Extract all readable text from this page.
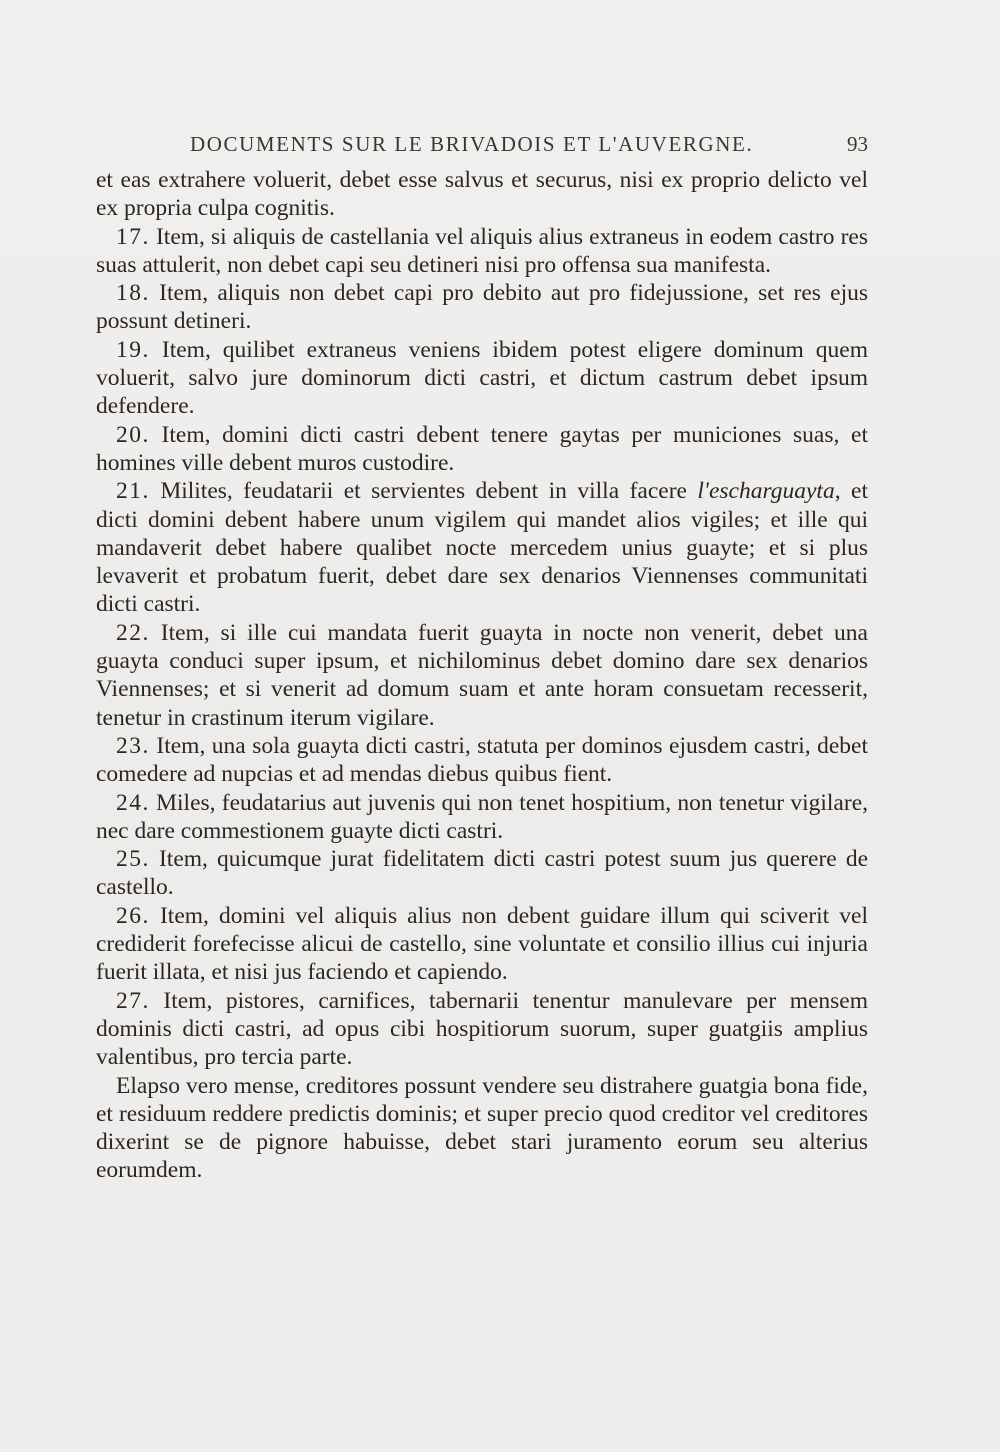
DOCUMENTS SUR LE BRIVADOIS ET L'AUVERGNE.	93

et eas extrahere voluerit, debet esse salvus et securus, nisi ex proprio delicto vel ex propria culpa cognitis.

17. Item, si aliquis de castellania vel aliquis alius extraneus in eodem castro res suas attulerit, non debet capi seu detineri nisi pro offensa sua manifesta.

18. Item, aliquis non debet capi pro debito aut pro fidejussione, set res ejus possunt detineri.

19. Item, quilibet extraneus veniens ibidem potest eligere dominum quem voluerit, salvo jure dominorum dicti castri, et dictum castrum debet ipsum defendere.

20. Item, domini dicti castri debent tenere gaytas per municiones suas, et homines ville debent muros custodire.

21. Milites, feudatarii et servientes debent in villa facere l'escharguayta, et dicti domini debent habere unum vigilem qui mandet alios vigiles; et ille qui mandaverit debet habere qualibet nocte mercedem unius guayte; et si plus levaverit et probatum fuerit, debet dare sex denarios Viennenses communitati dicti castri.

22. Item, si ille cui mandata fuerit guayta in nocte non venerit, debet una guayta conduci super ipsum, et nichilominus debet domino dare sex denarios Viennenses; et si venerit ad domum suam et ante horam consuetam recesserit, tenetur in crastinum iterum vigilare.

23. Item, una sola guayta dicti castri, statuta per dominos ejusdem castri, debet comedere ad nupcias et ad mendas diebus quibus fient.

24. Miles, feudatarius aut juvenis qui non tenet hospitium, non tenetur vigilare, nec dare commestionem guayte dicti castri.

25. Item, quicumque jurat fidelitatem dicti castri potest suum jus querere de castello.

26. Item, domini vel aliquis alius non debent guidare illum qui sciverit vel crediderit forefecisse alicui de castello, sine voluntate et consilio illius cui injuria fuerit illata, et nisi jus faciendo et capiendo.

27. Item, pistores, carnifices, tabernarii tenentur manulevare per mensem dominis dicti castri, ad opus cibi hospitiorum suorum, super guatgiis amplius valentibus, pro tercia parte.

Elapso vero mense, creditores possunt vendere seu distrahere guatgia bona fide, et residuum reddere predictis dominis; et super precio quod creditor vel creditores dixerint se de pignore habuisse, debet stari juramento eorum seu alterius eorumdem.
